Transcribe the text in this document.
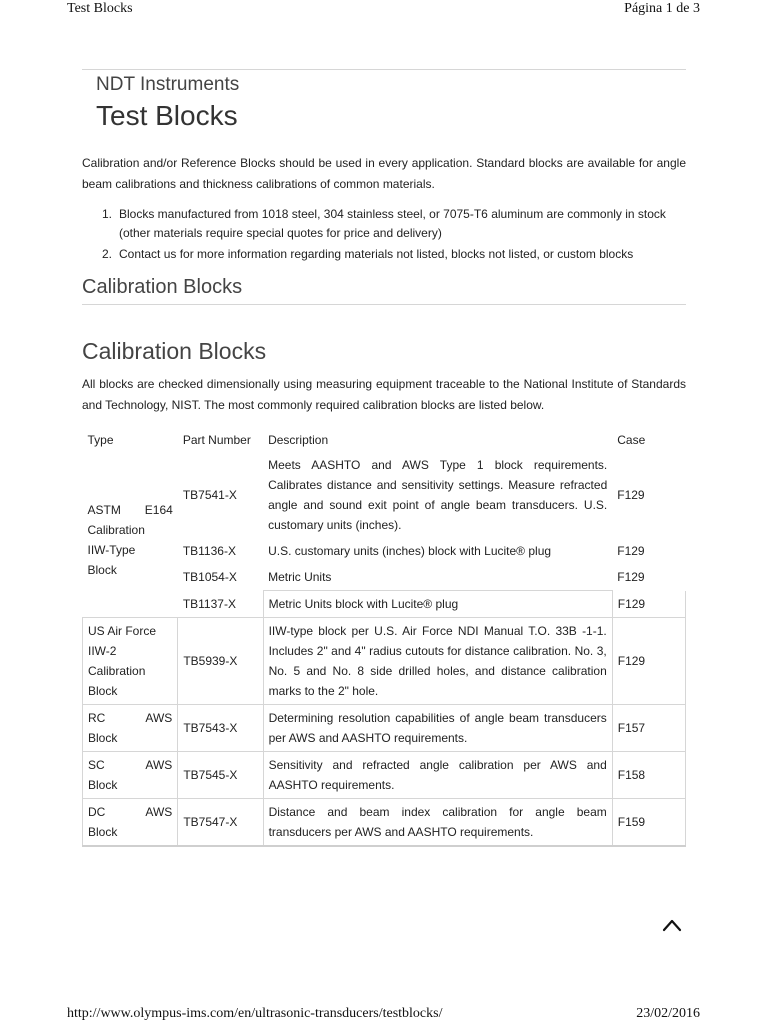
Test Blocks	Página 1 de 3
NDT Instruments
Test Blocks
Calibration and/or Reference Blocks should be used in every application. Standard blocks are available for angle beam calibrations and thickness calibrations of common materials.
1. Blocks manufactured from 1018 steel, 304 stainless steel, or 7075-T6 aluminum are commonly in stock (other materials require special quotes for price and delivery)
2. Contact us for more information regarding materials not listed, blocks not listed, or custom blocks
Calibration Blocks
Calibration Blocks
All blocks are checked dimensionally using measuring equipment traceable to the National Institute of Standards and Technology, NIST. The most commonly required calibration blocks are listed below.
Type	Part Number	Description	Case

ASTM E164
Calibration
IIW-Type
Block	TB7541-X	Meets AASHTO and AWS Type 1 block requirements. Calibrates distance and sensitivity settings. Measure refracted angle and sound exit point of angle beam transducers. U.S. customary units (inches).	F129
	TB1136-X	U.S. customary units (inches) block with Lucite® plug	F129
	TB1054-X	Metric Units	F129
	TB1137-X	Metric Units block with Lucite® plug	F129
US Air Force IIW-2 Calibration Block	TB5939-X	IIW-type block per U.S. Air Force NDI Manual T.O. 33B -1-1. Includes 2" and 4" radius cutouts for distance calibration. No. 3, No. 5 and No. 8 side drilled holes, and distance calibration marks to the 2" hole.	F129

RC AWS
Block	TB7543-X	Determining resolution capabilities of angle beam transducers per AWS and AASHTO requirements.	F157

SC AWS
Block	TB7545-X	Sensitivity and refracted angle calibration per AWS and AASHTO requirements.	F158

DC AWS
Block	TB7547-X	Distance and beam index calibration for angle beam transducers per AWS and AASHTO requirements.	F159
http://www.olympus-ims.com/en/ultrasonic-transducers/testblocks/	23/02/2016
